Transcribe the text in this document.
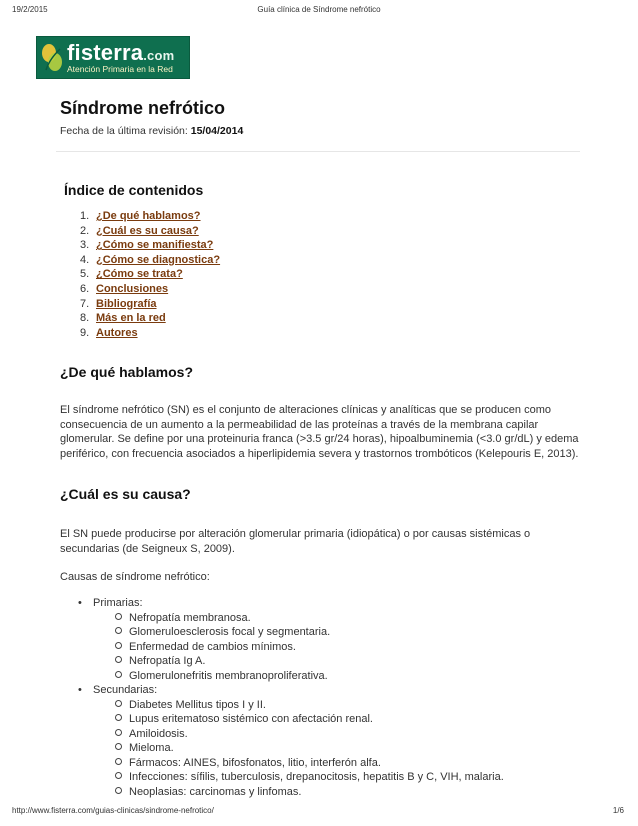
19/2/2015	Guía clínica de Síndrome nefrótico
fisterra.com
Atención Primaria en la Red
Síndrome nefrótico
Fecha de la última revisión: 15/04/2014
Índice de contenidos
1. ¿De qué hablamos?
2. ¿Cuál es su causa?
3. ¿Cómo se manifiesta?
4. ¿Cómo se diagnostica?
5. ¿Cómo se trata?
6. Conclusiones
7. Bibliografía
8. Más en la red
9. Autores
¿De qué hablamos?

El síndrome nefrótico (SN) es el conjunto de alteraciones clínicas y analíticas que se producen como consecuencia de un aumento a la permeabilidad de las proteínas a través de la membrana capilar glomerular. Se define por una proteinuria franca (>3.5 gr/24 horas), hipoalbuminemia (<3.0 gr/dL) y edema periférico, con frecuencia asociados a hiperlipidemia severa y trastornos trombóticos (Kelepouris E, 2013).

¿Cuál es su causa?

El SN puede producirse por alteración glomerular primaria (idiopática) o por causas sistémicas o secundarias (de Seigneux S, 2009).

Causas de síndrome nefrótico:

•Primarias:
Nefropatía membranosa.
Glomeruloesclerosis focal y segmentaria.
Enfermedad de cambios mínimos.
Nefropatía Ig A.
Glomerulonefritis membranoproliferativa.
•Secundarias:
Diabetes Mellitus tipos I y II.
Lupus eritematoso sistémico con afectación renal.
Amiloidosis.
Mieloma.
Fármacos: AINES, bifosfonatos, litio, interferón alfa.
Infecciones: sífilis, tuberculosis, drepanocitosis, hepatitis B y C, VIH, malaria.
Neoplasias: carcinomas y linfomas.
http://www.fisterra.com/guias-clinicas/sindrome-nefrotico/	1/6
